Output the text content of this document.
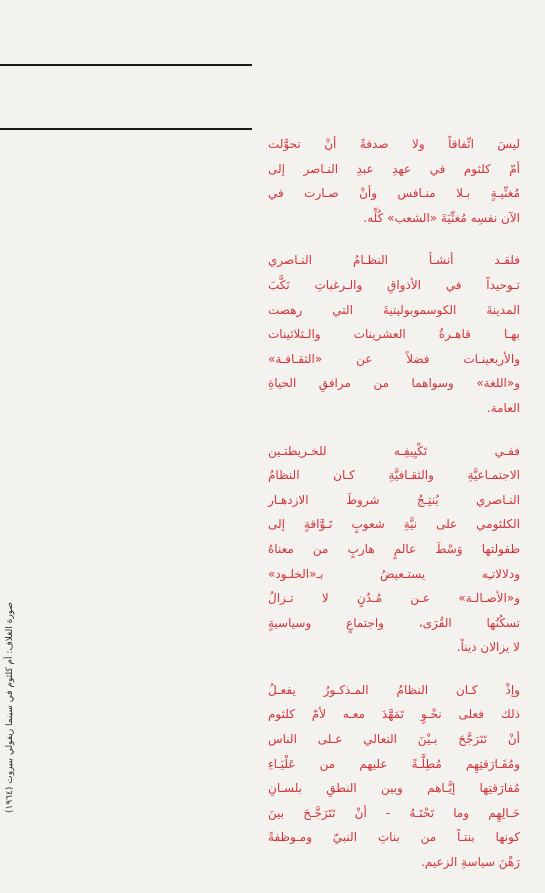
ليسَ اتِّفاقاً ولا صدفةً أنْ تحوَّلت
أمّ كلثوم في عهدِ عبدِ النـاصر إلى
مُغنِّيـةٍ بـلا منـافس وأنْ صـارت في
الآن نفسِه مُغنِّيَةَ «الشعب» كُلِّه.

فلقـد أنشـأ النظـامُ النـاصري
تـوحيداً في الأذواقِ والـرغباتِ نَكَّبَ
المدينةَ الكوسموبوليتيةَ التي رهصت
بهـا قاهـرةُ العشرينات والـثلاثينات
والأربعينـات فضلاً عن «الثقـافـة»
و«اللغة» وسواهما من مرافقِ الحياةِ
العامة.

ففـي تَكْيِيفِـه للخـريطتـين
الاجتمـاعيَّةِ والثقـافيَّةِ كـان النظامُ
النـاصري يُنتِـجُ شروطَ الازدهـار
الكلثومي على نيَّةِ شعوبٍ تَـوَّاقةٍ إلى
طفولتها وَسْطَ عالمٍ هاربٍ من معناهُ
ودلالاتـِه يستـعيضُ بـ«الخلـود»
و«الأصـالـة» عـن مُـدُنٍ لا تـزالُ
تسكُنُها القُرَى، واجتماعٍ وسياسيةٍ
لا يزالان ديناً.

وإذْ كـان النظامُ المـذكـورُ يفعـلُ
ذلك فعلى نحْـوٍ تَمَهَّدَ معـه لأمّ كلثوم
أنْ تَتَرَجَّحَ بـيْنَ التعالي عـلى الناس
ومُفَـارَقتِهِم مُطِلَّـةً عليهم من عَلْيَـاءِ
مُفارَقتِها إيَّـاهم وبين النطقِ بلسـانِ
حَـالِهِم وما تَحْتَـهُ - أنْ تَتَرَجَّـحَ بينَ
كونها بنتـاً من بناتِ النبيّ ومـوظفةً
رَهْنَ سياسةِ الزعيم.

صورة الغلاف: أم كلثوم في سينما ريفولي ببيروت (١٩٦٤)
